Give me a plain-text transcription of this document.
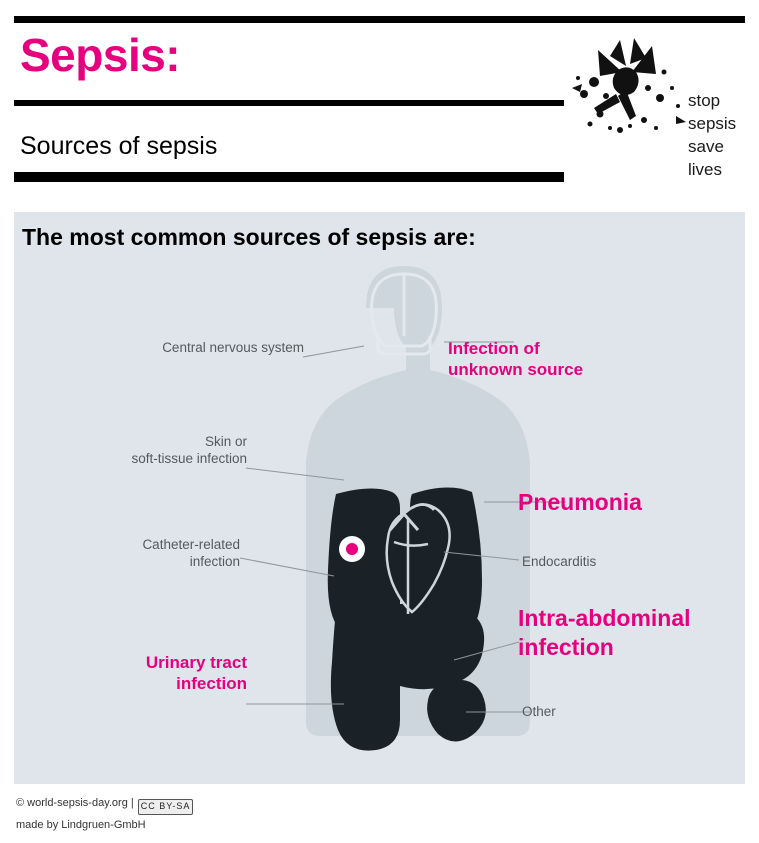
Sepsis:
Sources of sepsis
stop
sepsis
save
lives
The most common sources of sepsis are:
Central nervous system
Skin or
soft-tissue infection
Catheter-related
infection
Urinary tract
infection
Infection of
unknown source
Pneumonia
Endocarditis
Intra-abdominal
infection
Other
© world-sepsis-day.org | CC BY-SA
made by Lindgruen-GmbH
